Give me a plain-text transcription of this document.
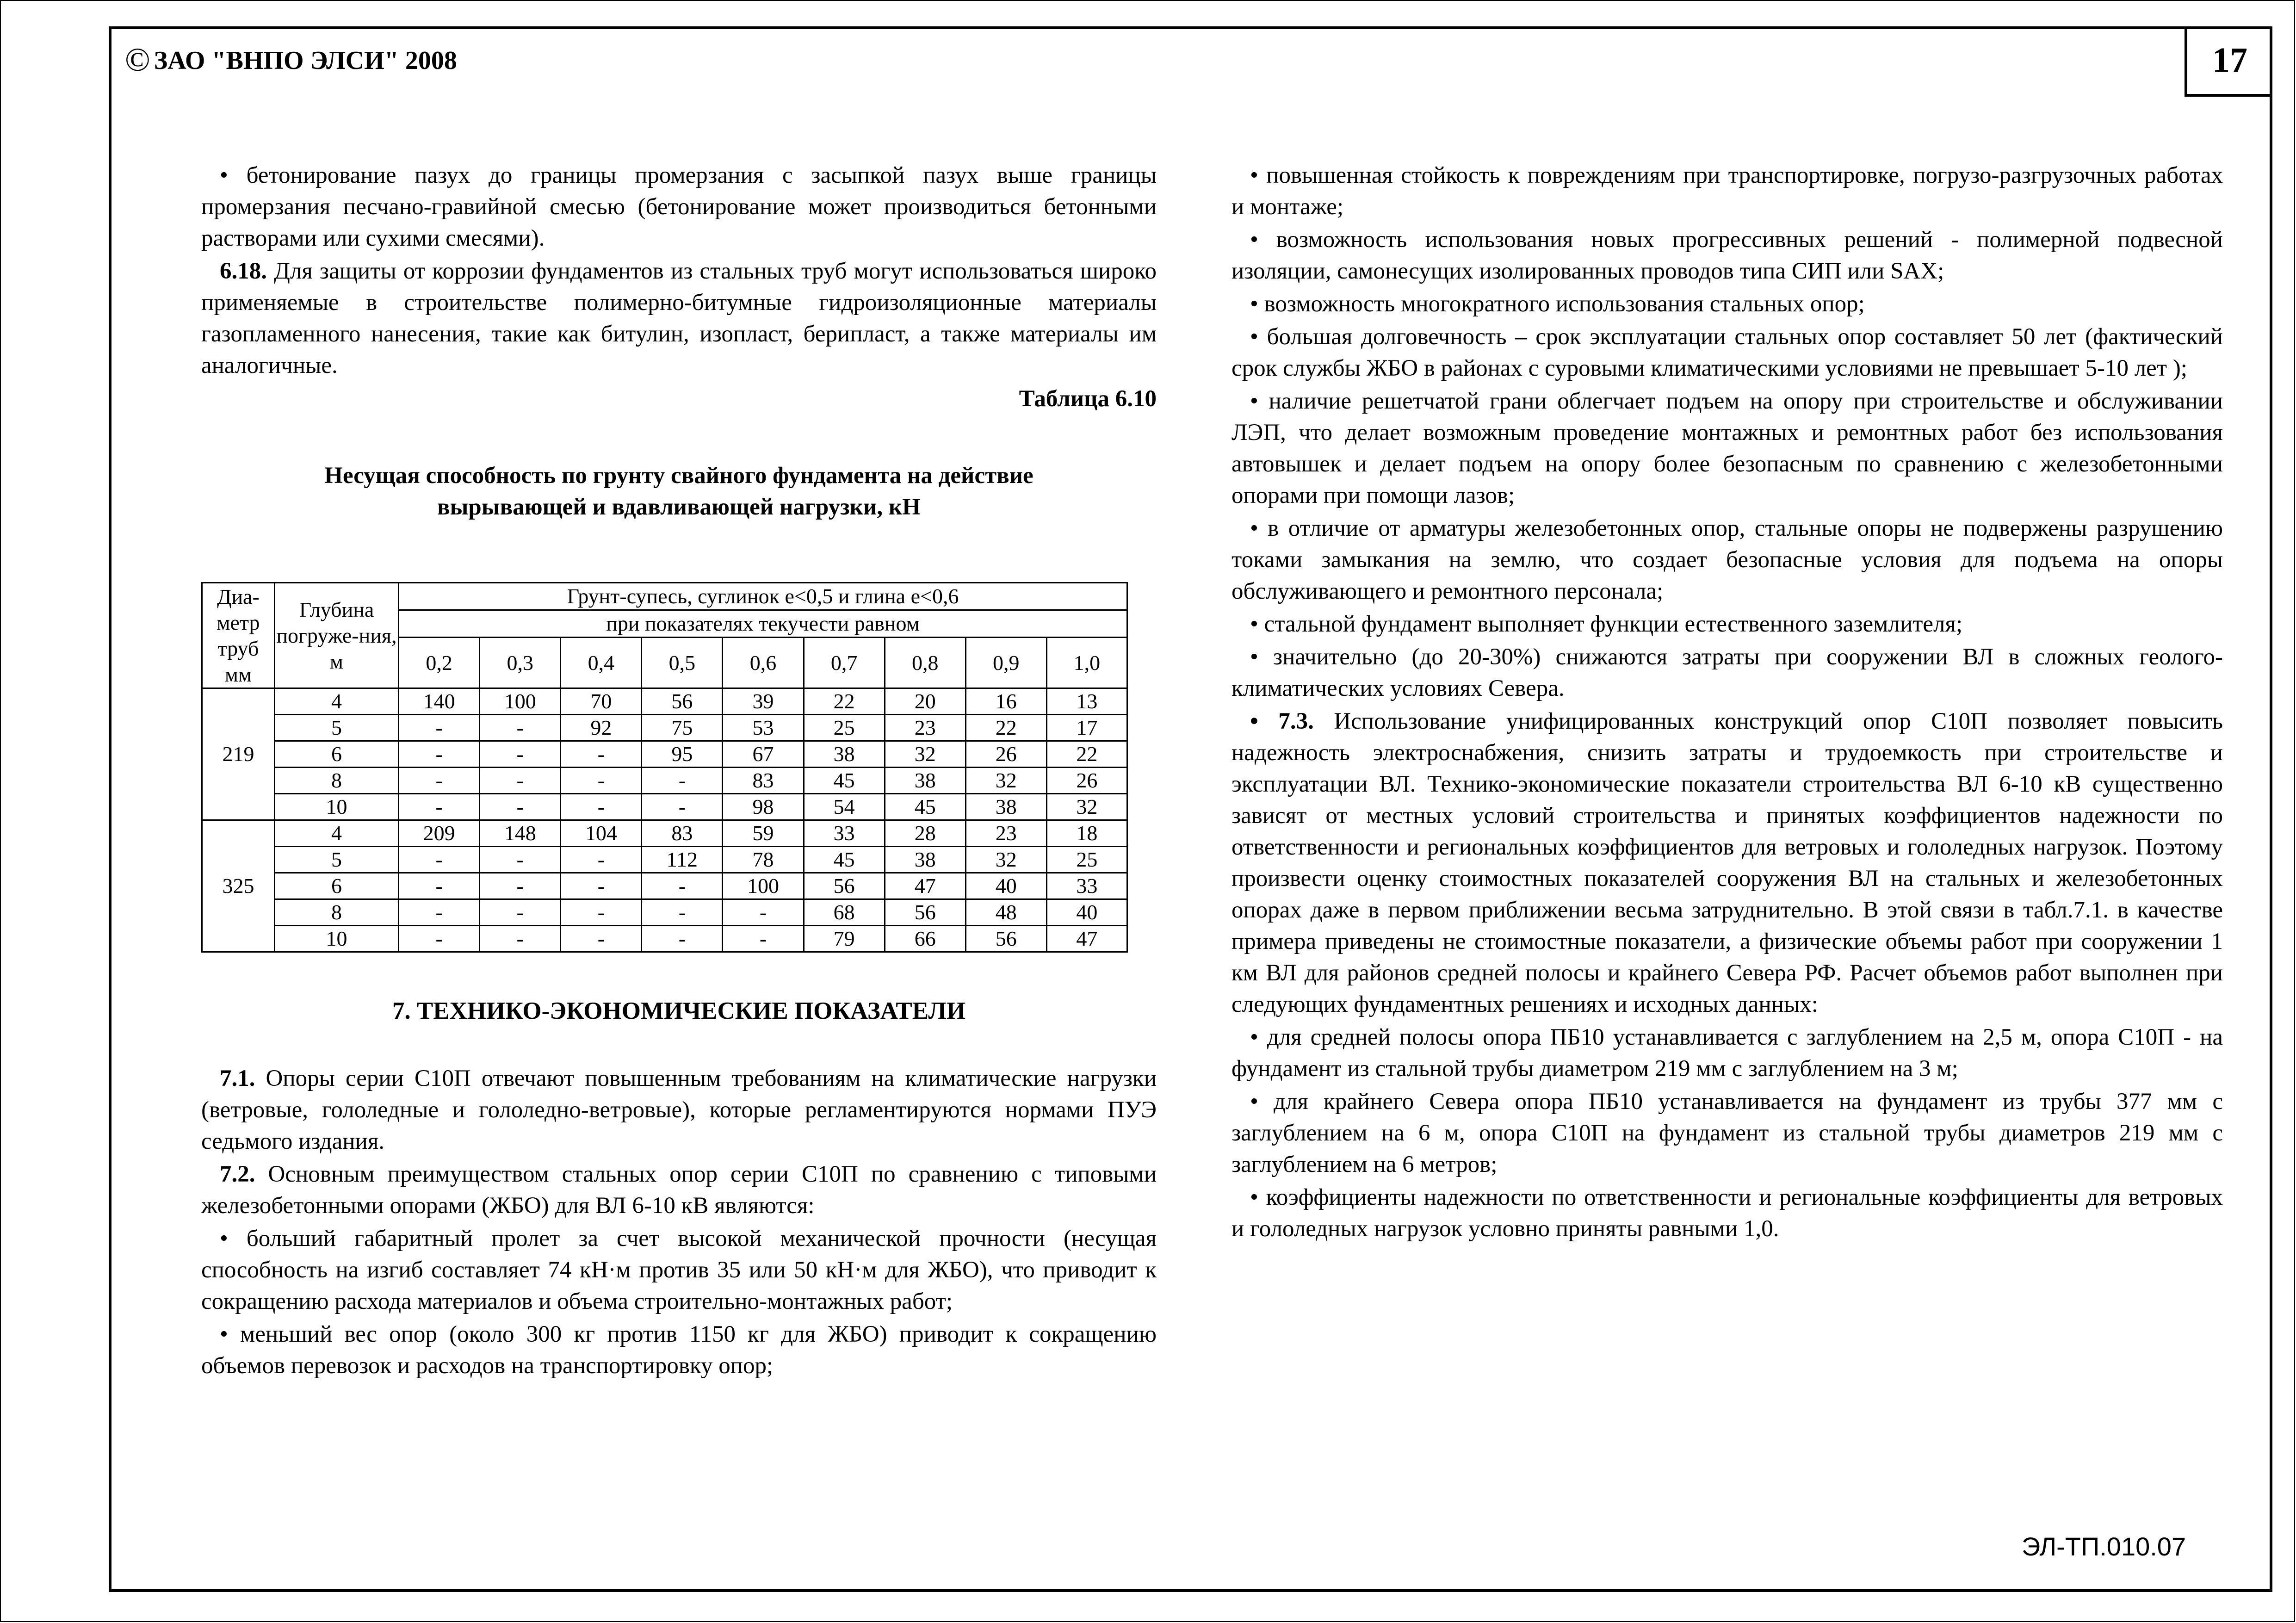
© ЗАО "ВНПО ЭЛСИ" 2008	17

• бетонирование пазух до границы промерзания с засыпкой пазух выше границы промерзания песчано-гравийной смесью (бетонирование может производиться бетонными растворами или сухими смесями).

6.18. Для защиты от коррозии фундаментов из стальных труб могут использоваться широко применяемые в строительстве полимерно-битумные гидроизоляционные материалы газопламенного нанесения, такие как битулин, изопласт, берипласт, а также материалы им аналогичные.

Таблица 6.10
Несущая способность по грунту свайного фундамента на действие
вырывающей и вдавливающей нагрузки, кН
Диа-метр труб мм	Глубина погруже-ния, м	Грунт-супесь, суглинок е<0,5 и глина е<0,6								
		при показателях текучести равном								
		0,2	0,3	0,4	0,5	0,6	0,7	0,8	0,9	1,0
219	4	140	100	70	56	39	22	20	16	13
	5	-	-	92	75	53	25	23	22	17
	6	-	-	-	95	67	38	32	26	22
	8	-	-	-	-	83	45	38	32	26
	10	-	-	-	-	98	54	45	38	32
325	4	209	148	104	83	59	33	28	23	18
	5	-	-	-	112	78	45	38	32	25
	6	-	-	-	-	100	56	47	40	33
	8	-	-	-	-	-	68	56	48	40
	10	-	-	-	-	-	79	66	56	47
7. ТЕХНИКО-ЭКОНОМИЧЕСКИЕ ПОКАЗАТЕЛИ

7.1. Опоры серии С10П отвечают повышенным требованиям на климатические нагрузки (ветровые, гололедные и гололедно-ветровые), которые регламентируются нормами ПУЭ седьмого издания.

7.2. Основным преимуществом стальных опор серии С10П по сравнению с типовыми железобетонными опорами (ЖБО) для ВЛ 6-10 кВ являются:

• больший габаритный пролет за счет высокой механической прочности (несущая способность на изгиб составляет 74 кН·м против 35 или 50 кН·м для ЖБО), что приводит к сокращению расхода материалов и объема строительно-монтажных работ;

• меньший вес опор (около 300 кг против 1150 кг для ЖБО) приводит к сокращению объемов перевозок и расходов на транспортировку опор;

• повышенная стойкость к повреждениям при транспортировке, погрузо-разгрузочных работах и монтаже;

• возможность использования новых прогрессивных решений - полимерной подвесной изоляции, самонесущих изолированных проводов типа СИП или SAX;

• возможность многократного использования стальных опор;

• большая долговечность – срок эксплуатации стальных опор составляет 50 лет (фактический срок службы ЖБО в районах с суровыми климатическими условиями не превышает 5-10 лет );

• наличие решетчатой грани облегчает подъем на опору при строительстве и обслуживании ЛЭП, что делает возможным проведение монтажных и ремонтных работ без использования автовышек и делает подъем на опору более безопасным по сравнению с железобетонными опорами при помощи лазов;

• в отличие от арматуры железобетонных опор, стальные опоры не подвержены разрушению токами замыкания на землю, что создает безопасные условия для подъема на опоры обслуживающего и ремонтного персонала;

• стальной фундамент выполняет функции естественного заземлителя;

• значительно (до 20-30%) снижаются затраты при сооружении ВЛ в сложных геолого-климатических условиях Севера.

• 7.3. Использование унифицированных конструкций опор С10П позволяет повысить надежность электроснабжения, снизить затраты и трудоемкость при строительстве и эксплуатации ВЛ. Технико-экономические показатели строительства ВЛ 6-10 кВ существенно зависят от местных условий строительства и принятых коэффициентов надежности по ответственности и региональных коэффициентов для ветровых и гололедных нагрузок. Поэтому произвести оценку стоимостных показателей сооружения ВЛ на стальных и железобетонных опорах даже в первом приближении весьма затруднительно. В этой связи в табл.7.1. в качестве примера приведены не стоимостные показатели, а физические объемы работ при сооружении 1 км ВЛ для районов средней полосы и крайнего Севера РФ. Расчет объемов работ выполнен при следующих фундаментных решениях и исходных данных:

• для средней полосы опора ПБ10 устанавливается с заглублением на 2,5 м, опора С10П - на фундамент из стальной трубы диаметром 219 мм с заглублением на 3 м;

• для крайнего Севера опора ПБ10 устанавливается на фундамент из трубы 377 мм с заглублением на 6 м, опора С10П на фундамент из стальной трубы диаметров 219 мм с заглублением на 6 метров;

• коэффициенты надежности по ответственности и региональные коэффициенты для ветровых и гололедных нагрузок условно приняты равными 1,0.

ЭЛ-ТП.010.07
